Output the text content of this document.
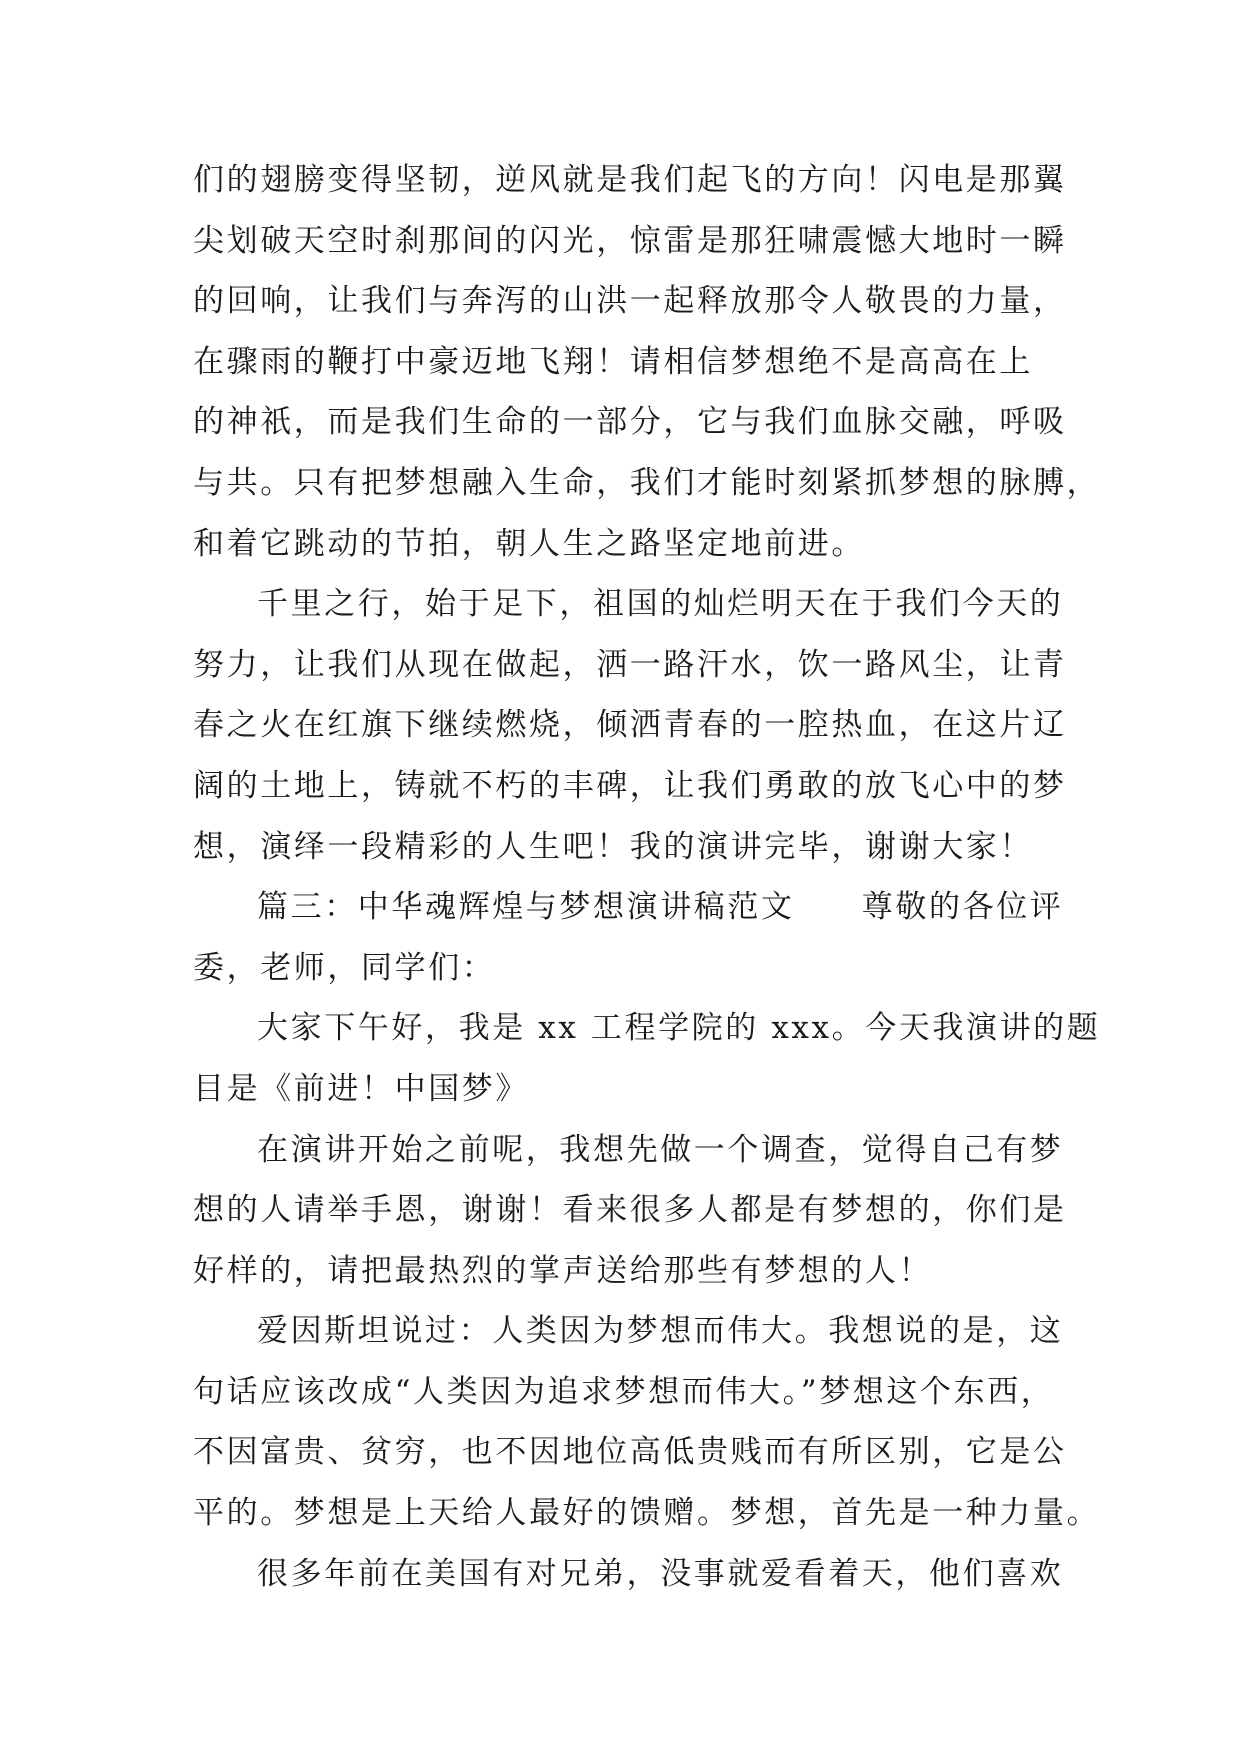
们的翅膀变得坚韧，逆风就是我们起飞的方向！闪电是那翼
尖划破天空时刹那间的闪光，惊雷是那狂啸震憾大地时一瞬
的回响，让我们与奔泻的山洪一起释放那令人敬畏的力量，
在骤雨的鞭打中豪迈地飞翔！请相信梦想绝不是高高在上
的神祇，而是我们生命的一部分，它与我们血脉交融，呼吸
与共。只有把梦想融入生命，我们才能时刻紧抓梦想的脉膊，
和着它跳动的节拍，朝人生之路坚定地前进。
千里之行，始于足下，祖国的灿烂明天在于我们今天的
努力，让我们从现在做起，洒一路汗水，饮一路风尘，让青
春之火在红旗下继续燃烧，倾洒青春的一腔热血，在这片辽
阔的土地上，铸就不朽的丰碑，让我们勇敢的放飞心中的梦
想，演绎一段精彩的人生吧！我的演讲完毕，谢谢大家！
篇三：中华魂辉煌与梦想演讲稿范文　　尊敬的各位评
委，老师，同学们：
大家下午好，我是 xx 工程学院的 xxx。今天我演讲的题
目是《前进！中国梦》
在演讲开始之前呢，我想先做一个调查，觉得自己有梦
想的人请举手恩，谢谢！看来很多人都是有梦想的，你们是
好样的，请把最热烈的掌声送给那些有梦想的人！
爱因斯坦说过：人类因为梦想而伟大。我想说的是，这
句话应该改成“人类因为追求梦想而伟大。”梦想这个东西，
不因富贵、贫穷，也不因地位高低贵贱而有所区别，它是公
平的。梦想是上天给人最好的馈赠。梦想，首先是一种力量。
很多年前在美国有对兄弟，没事就爱看着天，他们喜欢
